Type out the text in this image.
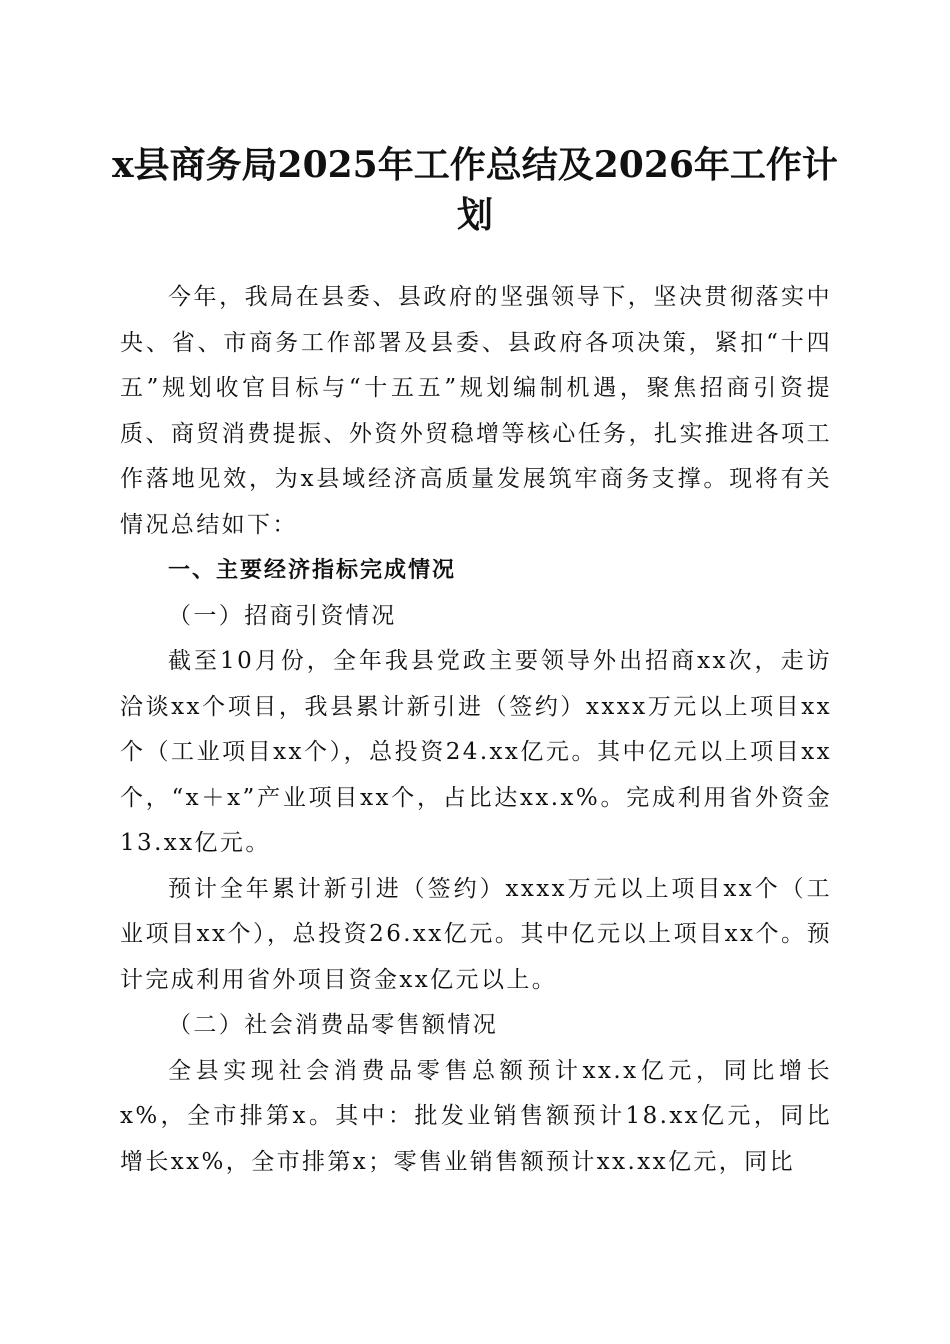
x县商务局2025年工作总结及2026年工作计划

今年，我局在县委、县政府的坚强领导下，坚决贯彻落实中央、省、市商务工作部署及县委、县政府各项决策，紧扣“十四五”规划收官目标与“十五五”规划编制机遇，聚焦招商引资提质、商贸消费提振、外资外贸稳增等核心任务，扎实推进各项工作落地见效，为x县域经济高质量发展筑牢商务支撑。现将有关情况总结如下：

一、主要经济指标完成情况
（一）招商引资情况

截至10月份，全年我县党政主要领导外出招商xx次，走访洽谈xx个项目，我县累计新引进（签约）xxxx万元以上项目xx个（工业项目xx个），总投资24.xx亿元。其中亿元以上项目xx个，“x＋x”产业项目xx个，占比达xx.x%。完成利用省外资金13.xx亿元。

预计全年累计新引进（签约）xxxx万元以上项目xx个（工业项目xx个），总投资26.xx亿元。其中亿元以上项目xx个。预计完成利用省外项目资金xx亿元以上。

（二）社会消费品零售额情况

全县实现社会消费品零售总额预计xx.x亿元，同比增长x%，全市排第x。其中：批发业销售额预计18.xx亿元，同比增长xx%，全市排第x；零售业销售额预计xx.xx亿元，同比
